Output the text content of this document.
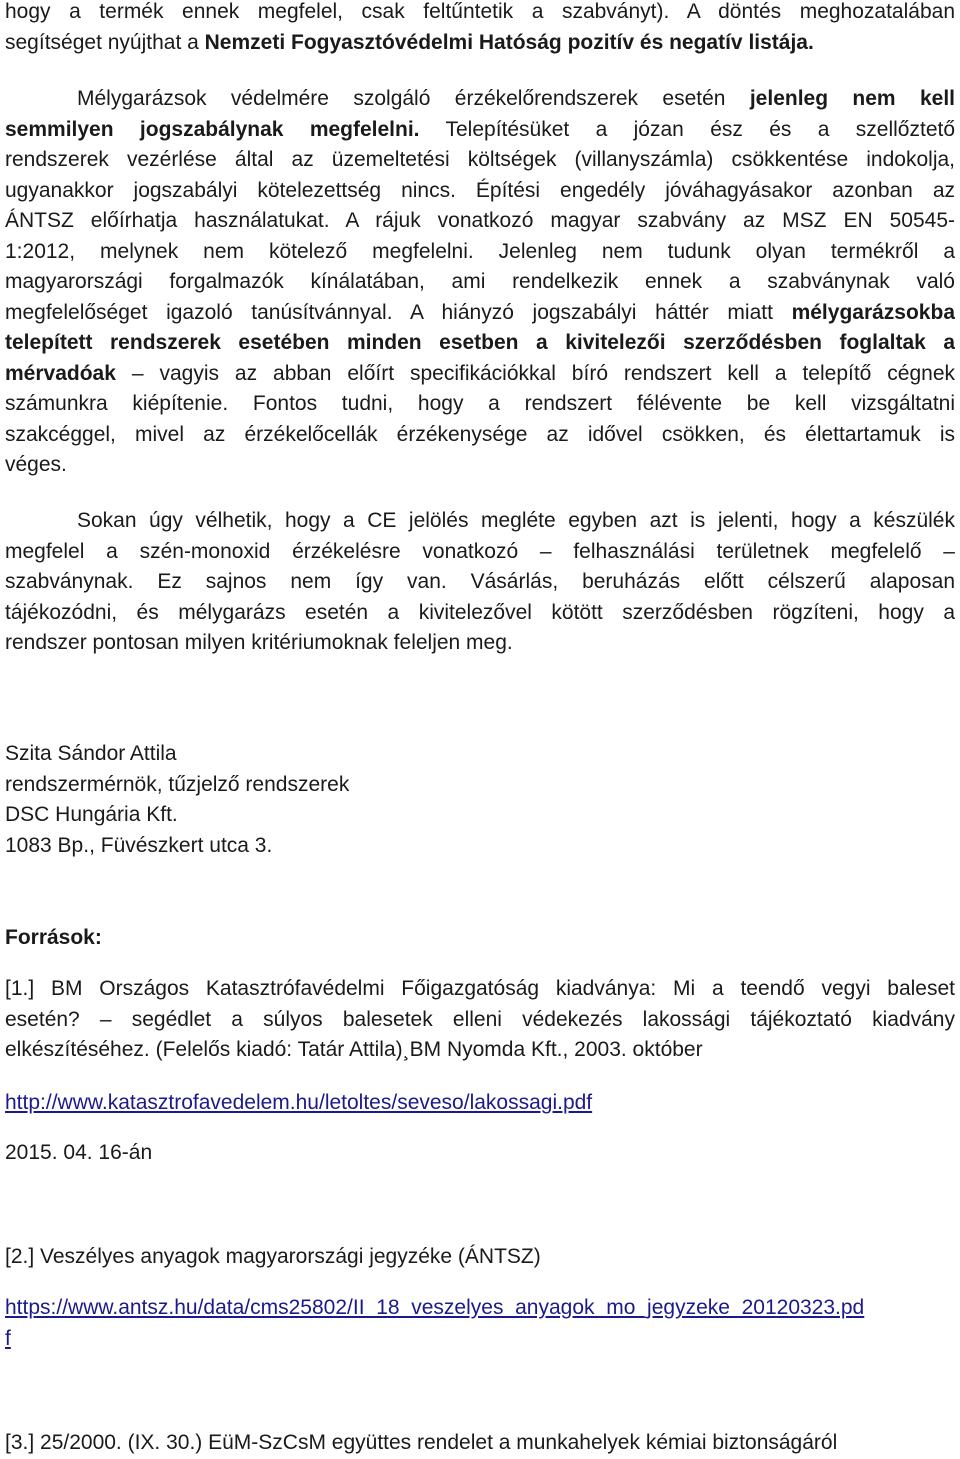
hogy a termék ennek megfelel, csak feltűntetik a szabványt). A döntés meghozatalában
segítséget nyújthat a Nemzeti Fogyasztóvédelmi Hatóság pozitív és negatív listája.
Mélygarázsok védelmére szolgáló érzékelőrendszerek esetén jelenleg nem kell
semmilyen jogszabálynak megfelelni. Telepítésüket a józan ész és a szellőztető
rendszerek vezérlése által az üzemeltetési költségek (villanyszámla) csökkentése indokolja,
ugyanakkor jogszabályi kötelezettség nincs. Építési engedély jóváhagyásakor azonban az
ÁNTSZ előírhatja használatukat. A rájuk vonatkozó magyar szabvány az MSZ EN 50545-
1:2012, melynek nem kötelező megfelelni. Jelenleg nem tudunk olyan termékről a
magyarországi forgalmazók kínálatában, ami rendelkezik ennek a szabványnak való
megfelelőséget igazoló tanúsítvánnyal. A hiányzó jogszabályi háttér miatt mélygarázsokba
telepített rendszerek esetében minden esetben a kivitelezői szerződésben foglaltak a
mérvadóak – vagyis az abban előírt specifikációkkal bíró rendszert kell a telepítő cégnek
számunkra kiépítenie. Fontos tudni, hogy a rendszert félévente be kell vizsgáltatni
szakcéggel, mivel az érzékelőcellák érzékenysége az idővel csökken, és élettartamuk is
véges.
Sokan úgy vélhetik, hogy a CE jelölés megléte egyben azt is jelenti, hogy a készülék
megfelel a szén-monoxid érzékelésre vonatkozó – felhasználási területnek megfelelő –
szabványnak. Ez sajnos nem így van. Vásárlás, beruházás előtt célszerű alaposan
tájékozódni, és mélygarázs esetén a kivitelezővel kötött szerződésben rögzíteni, hogy a
rendszer pontosan milyen kritériumoknak feleljen meg.
Szita Sándor Attila
rendszermérnök, tűzjelző rendszerek
DSC Hungária Kft.
1083 Bp., Füvészkert utca 3.
Források:
[1.] BM Országos Katasztrófavédelmi Főigazgatóság kiadványa: Mi a teendő vegyi baleset
esetén? – segédlet a súlyos balesetek elleni védekezés lakossági tájékoztató kiadvány
elkészítéséhez. (Felelős kiadó: Tatár Attila)¸BM Nyomda Kft., 2003. október
http://www.katasztrofavedelem.hu/letoltes/seveso/lakossagi.pdf
2015. 04. 16-án
[2.] Veszélyes anyagok magyarországi jegyzéke (ÁNTSZ)
https://www.antsz.hu/data/cms25802/II_18_veszelyes_anyagok_mo_jegyzeke_20120323.pd
f
[3.] 25/2000. (IX. 30.) EüM-SzCsM együttes rendelet a munkahelyek kémiai biztonságáról
